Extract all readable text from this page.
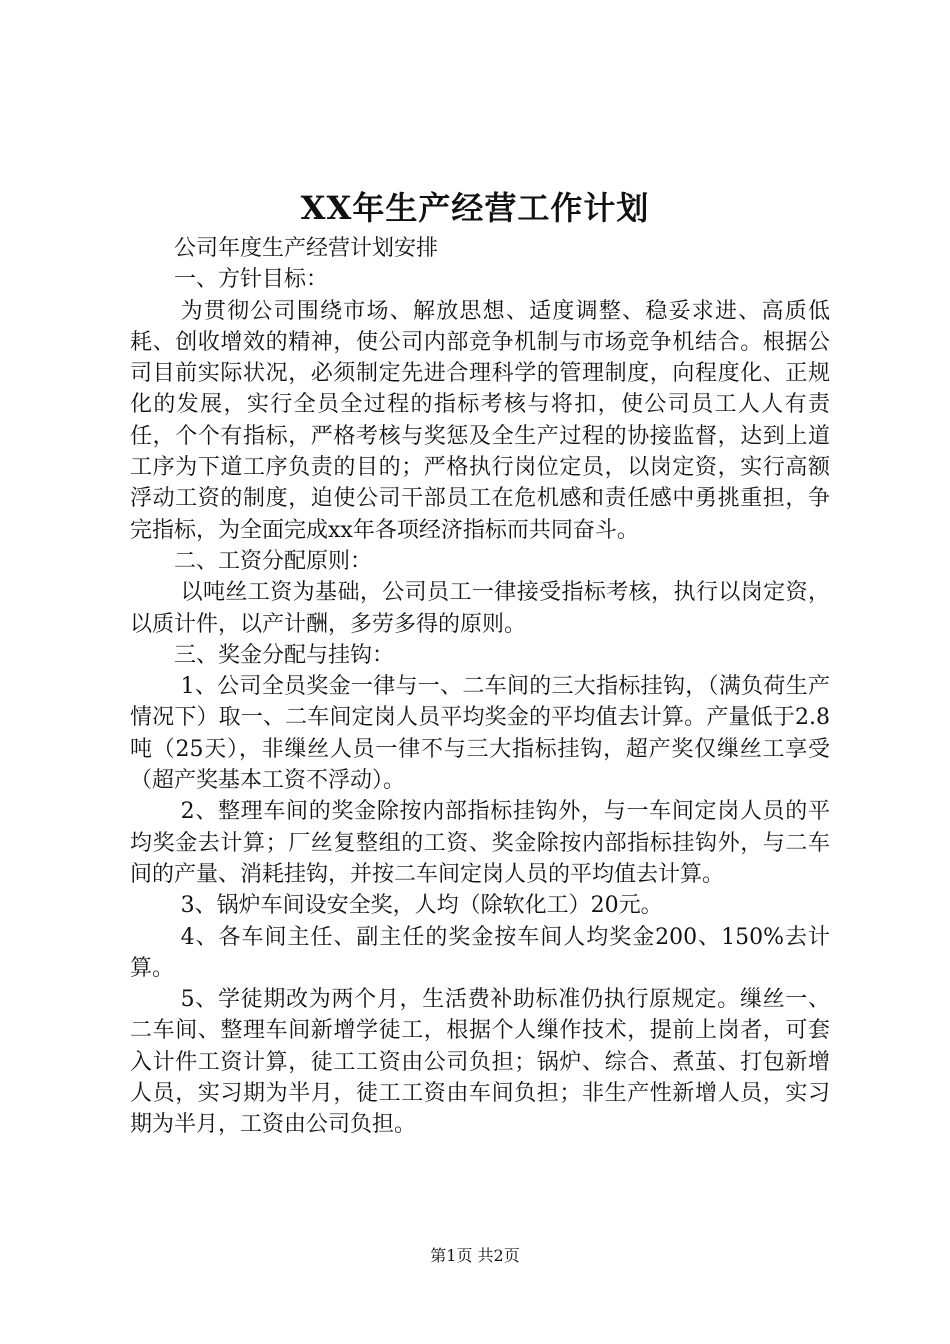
XX年生产经营工作计划

公司年度生产经营计划安排

一、方针目标：

为贯彻公司围绕市场、解放思想、适度调整、稳妥求进、高质低耗、创收增效的精神，使公司内部竞争机制与市场竞争机结合。根据公司目前实际状况，必须制定先进合理科学的管理制度，向程度化、正规化的发展，实行全员全过程的指标考核与将扣，使公司员工人人有责任，个个有指标，严格考核与奖惩及全生产过程的协接监督，达到上道工序为下道工序负责的目的；严格执行岗位定员，以岗定资，实行高额浮动工资的制度，迫使公司干部员工在危机感和责任感中勇挑重担，争完指标，为全面完成xx年各项经济指标而共同奋斗。

二、工资分配原则：

以吨丝工资为基础，公司员工一律接受指标考核，执行以岗定资，以质计件，以产计酬，多劳多得的原则。

三、奖金分配与挂钩：

1、公司全员奖金一律与一、二车间的三大指标挂钩，（满负荷生产情况下）取一、二车间定岗人员平均奖金的平均值去计算。产量低于2.8吨（25天），非缫丝人员一律不与三大指标挂钩，超产奖仅缫丝工享受（超产奖基本工资不浮动）。

2、整理车间的奖金除按内部指标挂钩外，与一车间定岗人员的平均奖金去计算；厂丝复整组的工资、奖金除按内部指标挂钩外，与二车间的产量、消耗挂钩，并按二车间定岗人员的平均值去计算。

3、锅炉车间设安全奖，人均（除软化工）20元。

4、各车间主任、副主任的奖金按车间人均奖金200、150%去计算。

5、学徒期改为两个月，生活费补助标准仍执行原规定。缫丝一、二车间、整理车间新增学徒工，根据个人缫作技术，提前上岗者，可套入计件工资计算，徒工工资由公司负担；锅炉、综合、煮茧、打包新增人员，实习期为半月，徒工工资由车间负担；非生产性新增人员，实习期为半月，工资由公司负担。

第1页 共2页
